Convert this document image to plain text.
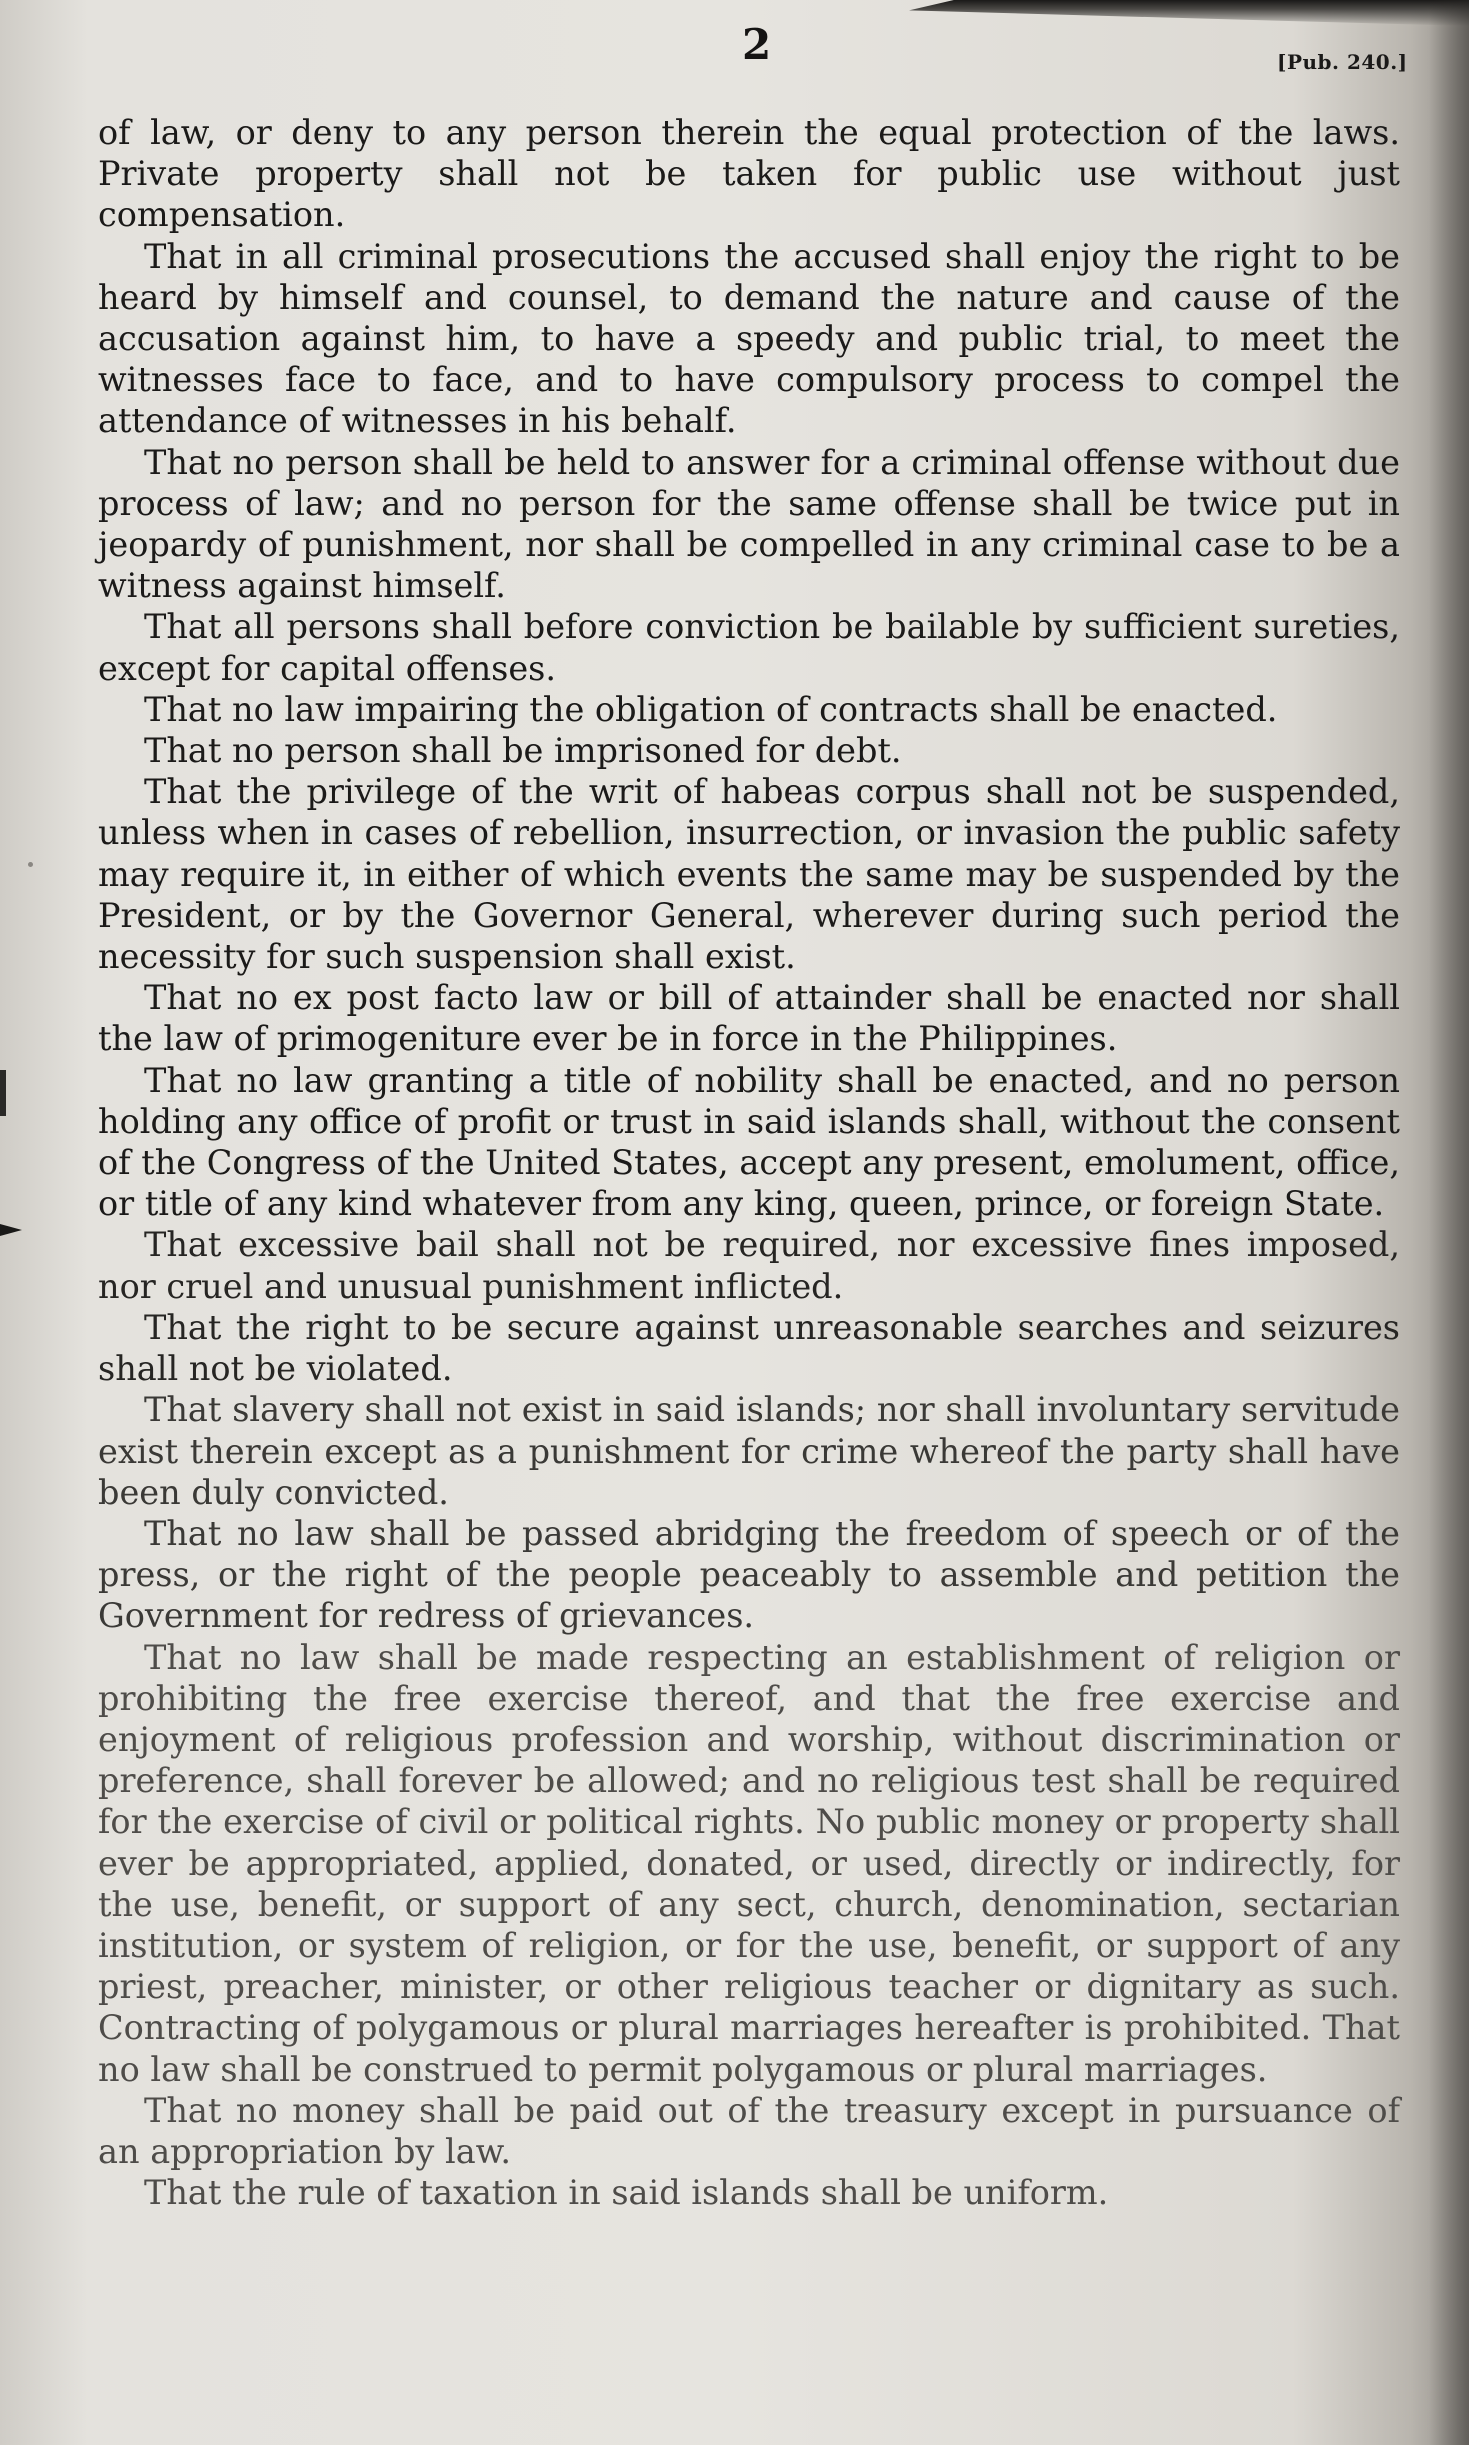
2	[Pub. 240.]

of law, or deny to any person therein the equal protection of the laws. Private property shall not be taken for public use without just compensation.

That in all criminal prosecutions the accused shall enjoy the right to be heard by himself and counsel, to demand the nature and cause of the accusation against him, to have a speedy and public trial, to meet the witnesses face to face, and to have compulsory process to compel the attendance of witnesses in his behalf.

That no person shall be held to answer for a criminal offense without due process of law; and no person for the same offense shall be twice put in jeopardy of punishment, nor shall be compelled in any criminal case to be a witness against himself.

That all persons shall before conviction be bailable by sufficient sureties, except for capital offenses.

That no law impairing the obligation of contracts shall be enacted.

That no person shall be imprisoned for debt.

That the privilege of the writ of habeas corpus shall not be suspended, unless when in cases of rebellion, insurrection, or invasion the public safety may require it, in either of which events the same may be suspended by the President, or by the Governor General, wherever during such period the necessity for such suspension shall exist.

That no ex post facto law or bill of attainder shall be enacted nor shall the law of primogeniture ever be in force in the Philippines.

That no law granting a title of nobility shall be enacted, and no person holding any office of profit or trust in said islands shall, without the consent of the Congress of the United States, accept any present, emolument, office, or title of any kind whatever from any king, queen, prince, or foreign State.

That excessive bail shall not be required, nor excessive fines imposed, nor cruel and unusual punishment inflicted.

That the right to be secure against unreasonable searches and seizures shall not be violated.

That slavery shall not exist in said islands; nor shall involuntary servitude exist therein except as a punishment for crime whereof the party shall have been duly convicted.

That no law shall be passed abridging the freedom of speech or of the press, or the right of the people peaceably to assemble and petition the Government for redress of grievances.

That no law shall be made respecting an establishment of religion or prohibiting the free exercise thereof, and that the free exercise and enjoyment of religious profession and worship, without discrimination or preference, shall forever be allowed; and no religious test shall be required for the exercise of civil or political rights. No public money or property shall ever be appropriated, applied, donated, or used, directly or indirectly, for the use, benefit, or support of any sect, church, denomination, sectarian institution, or system of religion, or for the use, benefit, or support of any priest, preacher, minister, or other religious teacher or dignitary as such. Contracting of polygamous or plural marriages hereafter is prohibited. That no law shall be construed to permit polygamous or plural marriages.

That no money shall be paid out of the treasury except in pursuance of an appropriation by law.

That the rule of taxation in said islands shall be uniform.
